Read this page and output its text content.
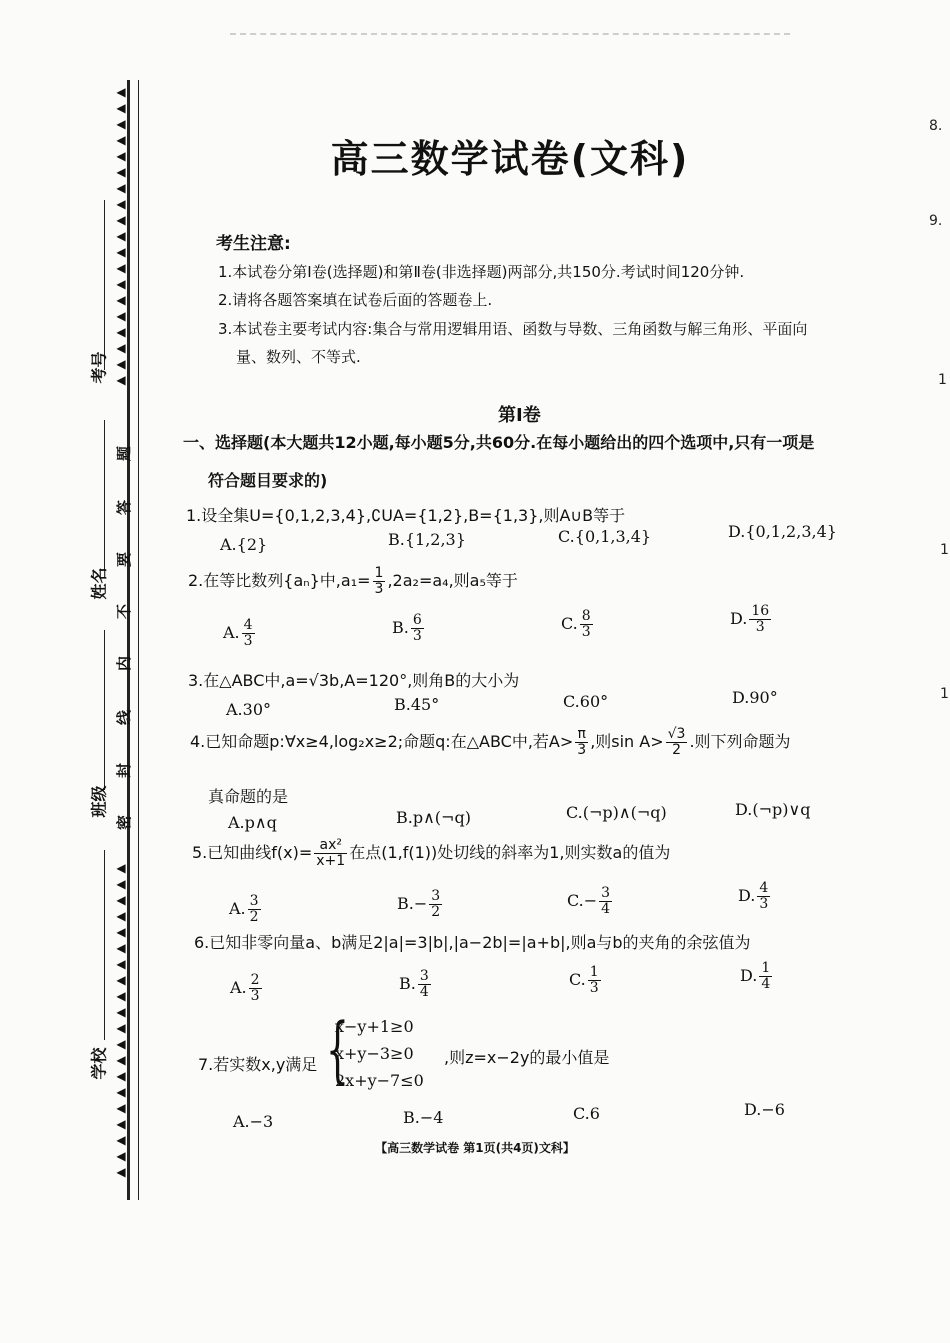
◀
◀
◀
◀
◀
◀
◀
◀
◀
◀
◀
◀
◀
◀
◀
◀
◀
◀
◀
◀
◀
◀
◀
◀
◀
◀
◀
◀
◀
◀
◀
◀
◀
◀
◀
◀
◀
◀
◀
题
答
要
不
内
线
封
密
考号
姓名
班级
学校
高三数学试卷(文科)
考生注意:
1.本试卷分第Ⅰ卷(选择题)和第Ⅱ卷(非选择题)两部分,共150分.考试时间120分钟.
2.请将各题答案填在试卷后面的答题卷上.
3.本试卷主要考试内容:集合与常用逻辑用语、函数与导数、三角函数与解三角形、平面向
量、数列、不等式.
第Ⅰ卷
一、选择题(本大题共12小题,每小题5分,共60分.在每小题给出的四个选项中,只有一项是
符合题目要求的)
1.设全集U={0,1,2,3,4},∁UA={1,2},B={1,3},则A∪B等于
A.{2}	B.{1,2,3}	C.{0,1,3,4}	D.{0,1,2,3,4}
2.在等比数列{aₙ}中$,a_1= \frac{1}{3} ,2a_2=a_4$,则a₅等于
A. $\frac{4}{3}$	B. $\frac{6}{3}$	C. $\frac{8}{3}$	D. $\frac{16}{3}$
3.在△ABC中,a=√3b,A=120°,则角B的大小为
A.30°	B.45°	C.60°	D.90°
4.已知命题p:∀x≥4,log₂x≥2;命题q:在△ABC中,若$A> \frac{\pi}{3}$ ,则$\sin A> \frac{√3}{2}$ .则下列命题为
真命题的是
A.p∧q	B.p∧(¬q)	C.(¬p)∧(¬q)	D.(¬p)∨q
5.已知曲线$f(x)= \frac{\text{ax²}}{x+1}$ 在点(1,f(1))处切线的斜率为1,则实数a的值为
A. $\frac{3}{2}$	$B.- \frac{3}{2}$	$C.- \frac{3}{4}$	D. $\frac{4}{3}$
6.已知非零向量a、b满足2|a|=3|b|,|a−2b|=|a+b|,则a与b的夹角的余弦值为
A. $\frac{2}{3}$	B. $\frac{3}{4}$	C. $\frac{1}{3}$	D. $\frac{1}{4}$
7.若实数x,y满足 {
x−y+1≥0
x+y−3≥0
2x+y−7≤0
,则z=x−2y的最小值是
A.−3	B.−4	C.6	D.−6
【高三数学试卷 第1页(共4页)文科】
8.
9.
1
1
1
